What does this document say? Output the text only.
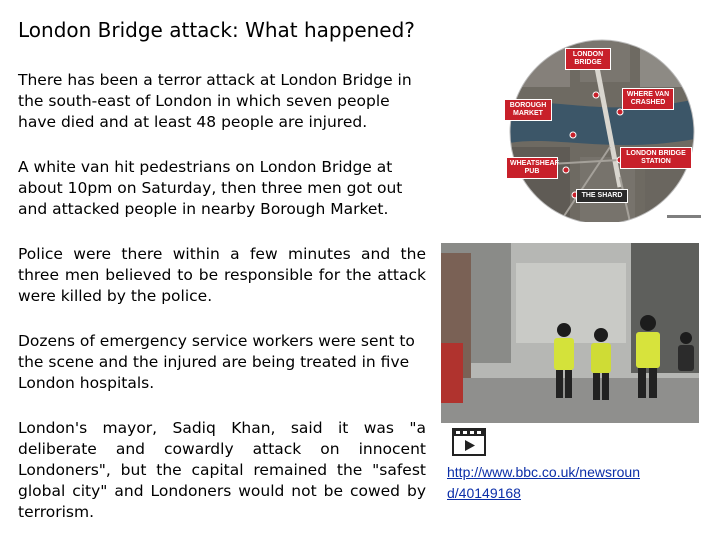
London Bridge attack: What happened?

There has been a terror attack at London Bridge in the south-east of London in which seven people have died and at least 48 people are injured.

A white van hit pedestrians on London Bridge at about 10pm on Saturday, then three men got out and attacked people in nearby Borough Market.

Police were there within a few minutes and the three men believed to be responsible for the attack were killed by the police.

Dozens of emergency service workers were sent to the scene and the injured are being treated in five London hospitals.

London's mayor, Sadiq Khan, said it was "a deliberate and cowardly attack on innocent Londoners", but the capital remained the "safest global city" and Londoners would not be cowed by terrorism.

LONDON BRIDGE
BOROUGH MARKET
WHERE VAN CRASHED
WHEATSHEAF PUB
LONDON BRIDGE STATION
THE SHARD
http://www.bbc.co.uk/newsroun
d/40149168
